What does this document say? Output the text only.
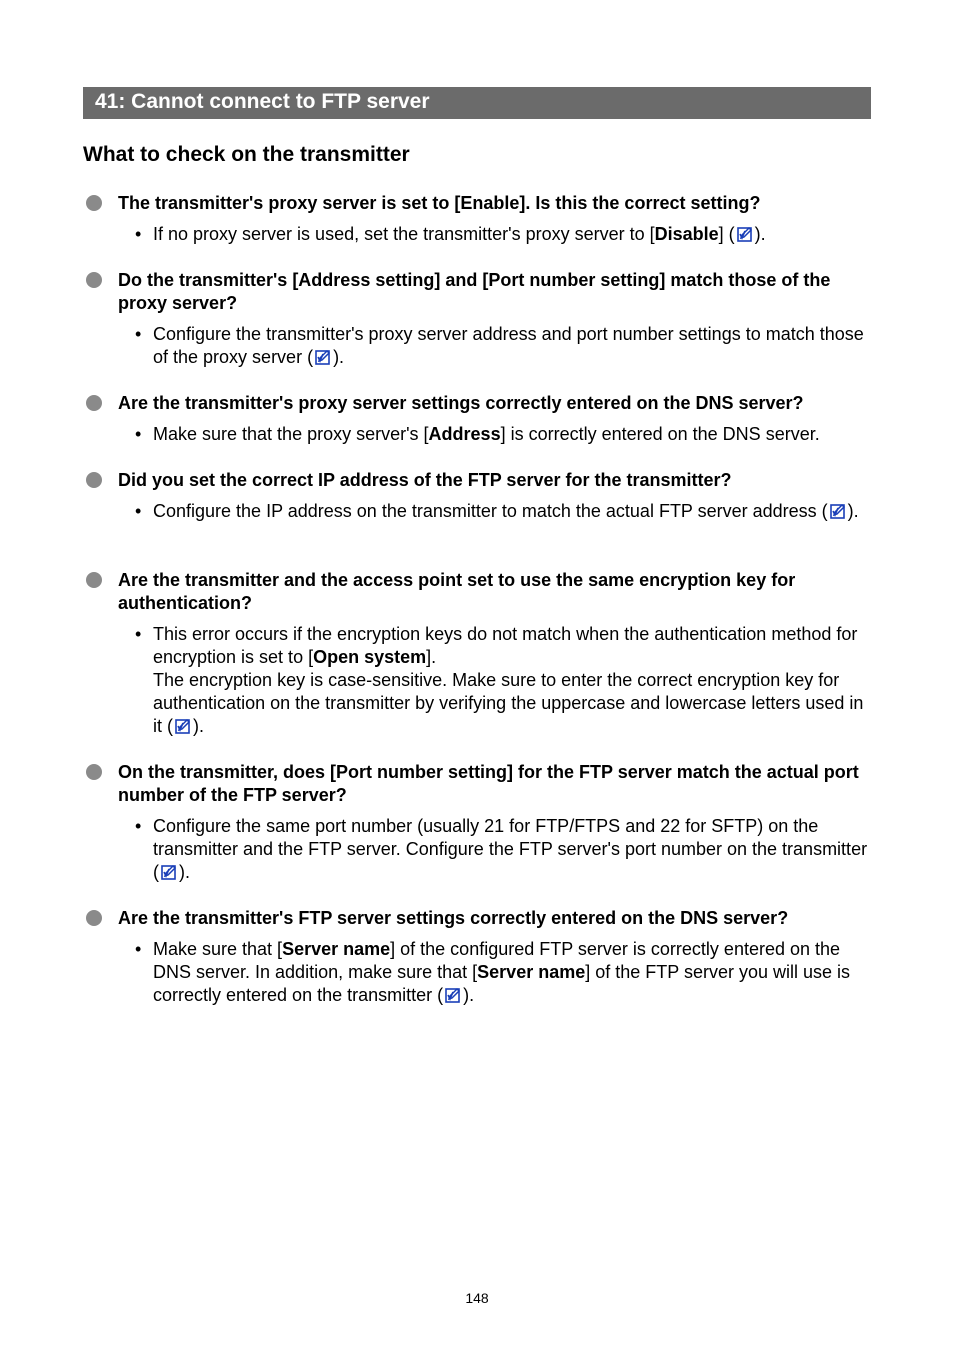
41: Cannot connect to FTP server
What to check on the transmitter
The transmitter's proxy server is set to [Enable]. Is this the correct setting?
• If no proxy server is used, set the transmitter's proxy server to [Disable] ( ).
Do the transmitter's [Address setting] and [Port number setting] match those of the proxy server?
• Configure the transmitter's proxy server address and port number settings to match those of the proxy server ( ).
Are the transmitter's proxy server settings correctly entered on the DNS server?
• Make sure that the proxy server's [Address] is correctly entered on the DNS server.
Did you set the correct IP address of the FTP server for the transmitter?
• Configure the IP address on the transmitter to match the actual FTP server address ( ).
Are the transmitter and the access point set to use the same encryption key for authentication?
• This error occurs if the encryption keys do not match when the authentication method for encryption is set to [Open system].
The encryption key is case-sensitive. Make sure to enter the correct encryption key for authentication on the transmitter by verifying the uppercase and lowercase letters used in it ( ).
On the transmitter, does [Port number setting] for the FTP server match the actual port number of the FTP server?
• Configure the same port number (usually 21 for FTP/FTPS and 22 for SFTP) on the transmitter and the FTP server. Configure the FTP server's port number on the transmitter ( ).
Are the transmitter's FTP server settings correctly entered on the DNS server?
• Make sure that [Server name] of the configured FTP server is correctly entered on the DNS server. In addition, make sure that [Server name] of the FTP server you will use is correctly entered on the transmitter ( ).
148
